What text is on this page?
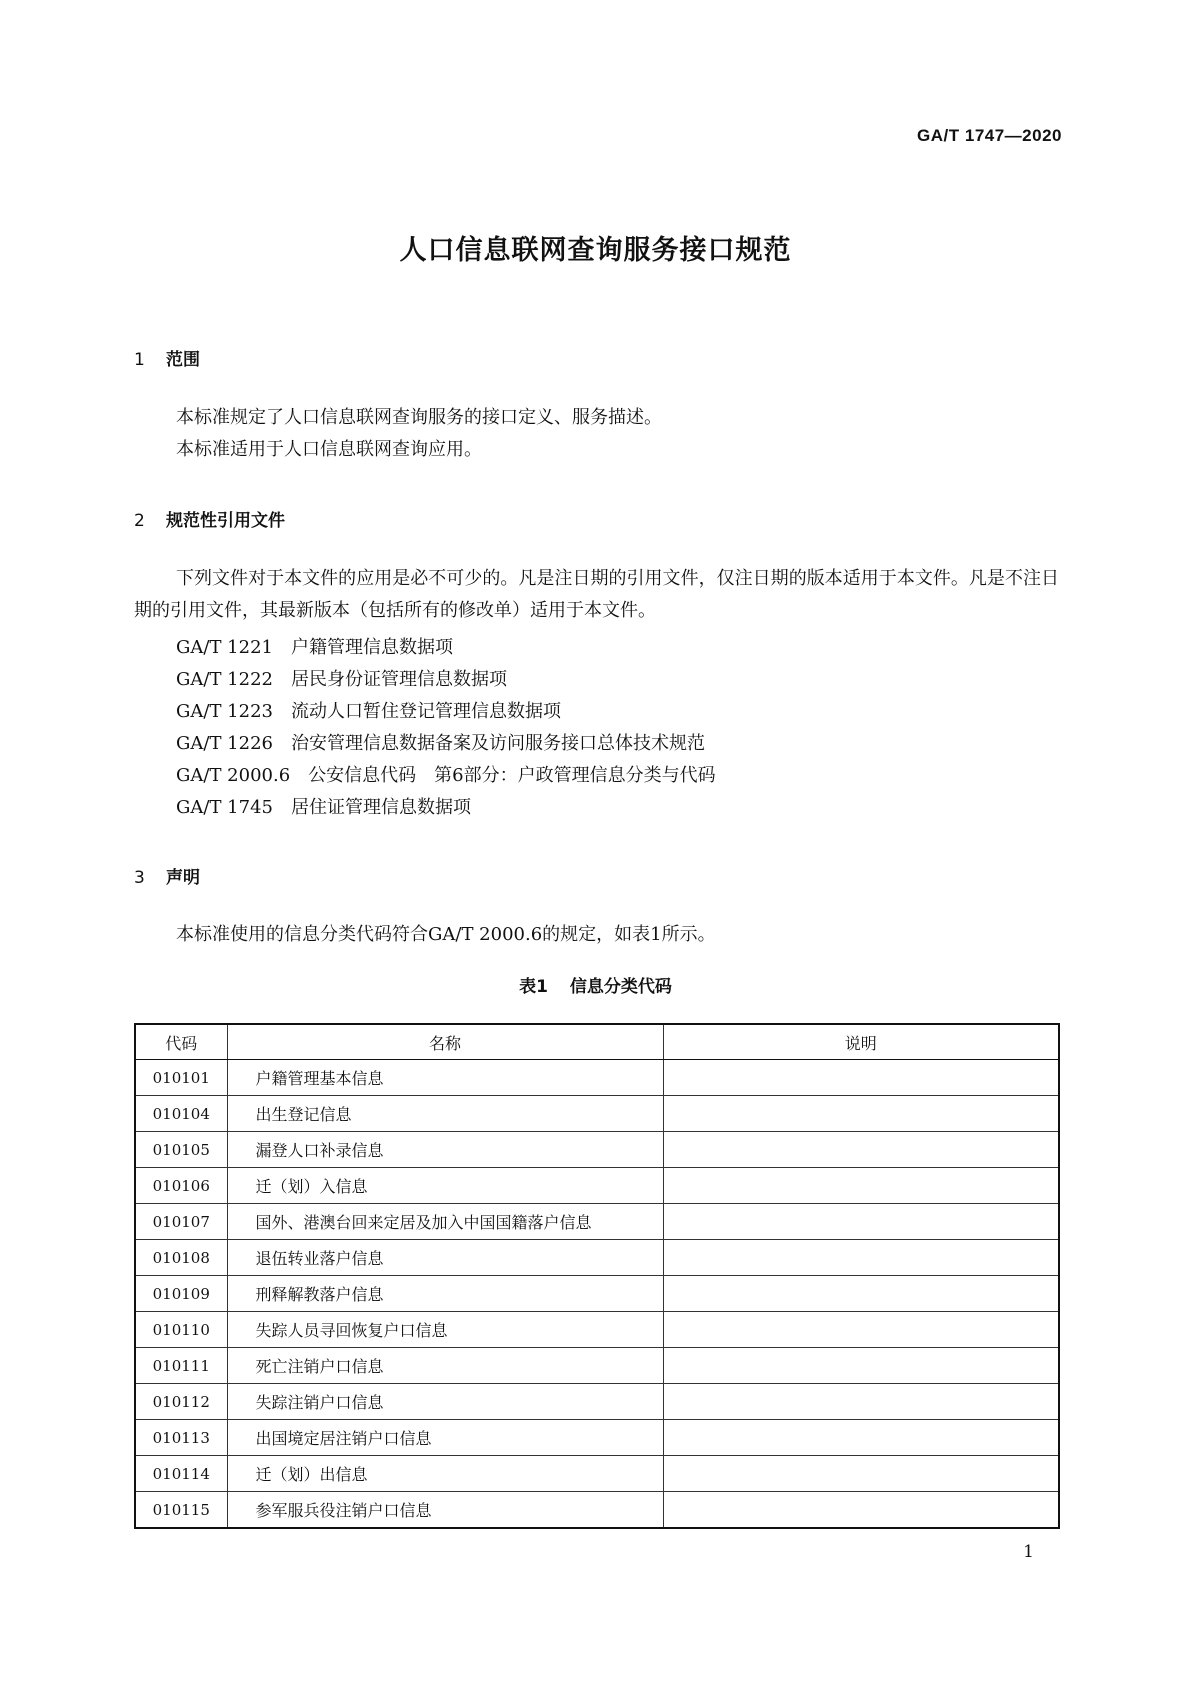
GA/T 1747—2020
人口信息联网查询服务接口规范
1 范围

本标准规定了人口信息联网查询服务的接口定义、服务描述。

本标准适用于人口信息联网查询应用。

2 规范性引用文件

下列文件对于本文件的应用是必不可少的。凡是注日期的引用文件，仅注日期的版本适用于本文件。凡是不注日期的引用文件，其最新版本（包括所有的修改单）适用于本文件。

GA/T 1221 户籍管理信息数据项
GA/T 1222 居民身份证管理信息数据项
GA/T 1223 流动人口暂住登记管理信息数据项
GA/T 1226 治安管理信息数据备案及访问服务接口总体技术规范
GA/T 2000.6 公安信息代码　第6部分：户政管理信息分类与代码
GA/T 1745 居住证管理信息数据项
3 声明

本标准使用的信息分类代码符合GA/T 2000.6的规定，如表1所示。

表1 信息分类代码
代码	名称	说明
010101	户籍管理基本信息	
010104	出生登记信息	
010105	漏登人口补录信息	
010106	迁（划）入信息	
010107	国外、港澳台回来定居及加入中国国籍落户信息	
010108	退伍转业落户信息	
010109	刑释解教落户信息	
010110	失踪人员寻回恢复户口信息	
010111	死亡注销户口信息	
010112	失踪注销户口信息	
010113	出国境定居注销户口信息	
010114	迁（划）出信息	
010115	参军服兵役注销户口信息	
1
